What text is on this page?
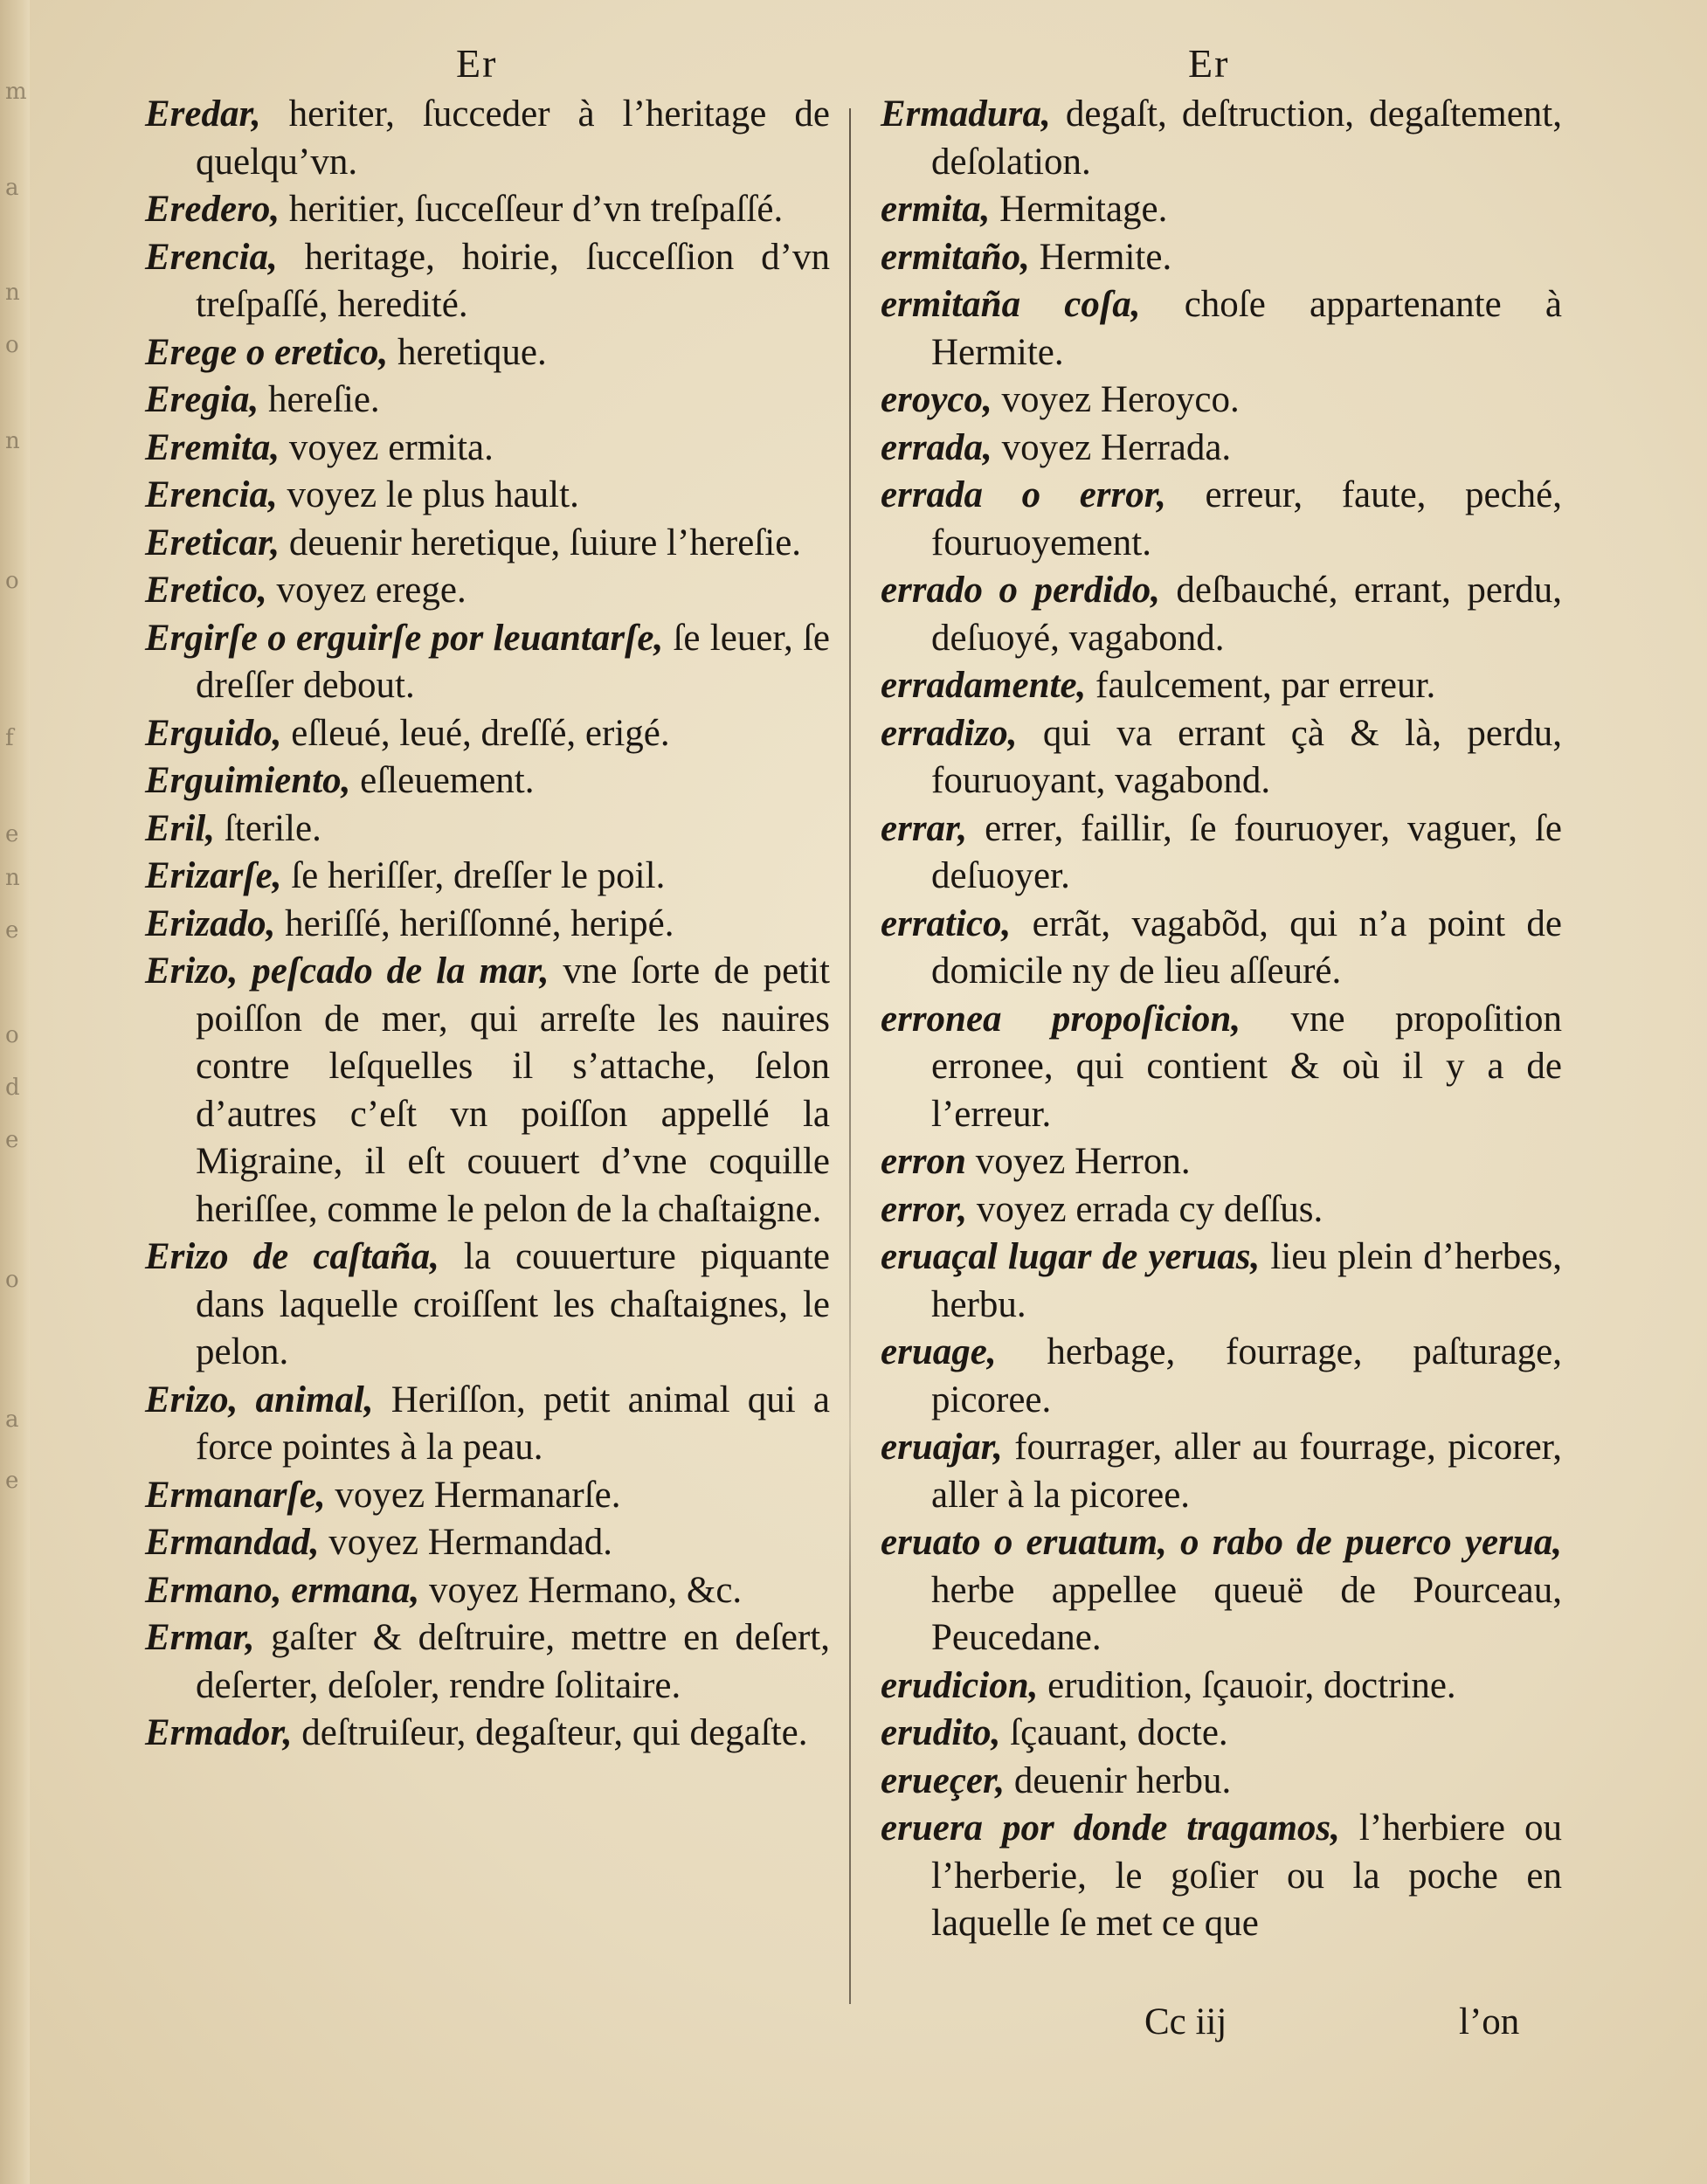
m
a
n
o
n
o
f
e
n
e
o
d
e
o
a
e
Er	Er
Eredar, heriter, ſucceder à l’heritage de quelqu’vn.
Eredero, heritier, ſucceſſeur d’vn treſpaſſé.
Erencia, heritage, hoirie, ſucceſſion d’vn treſpaſſé, heredité.
Erege o eretico, heretique.
Eregia, hereſie.
Eremita, voyez ermita.
Erencia, voyez le plus hault.
Ereticar, deuenir heretique, ſuiure l’hereſie.
Eretico, voyez erege.
Ergirſe o erguirſe por leuantarſe, ſe leuer, ſe dreſſer debout.
Erguido, eſleué, leué, dreſſé, erigé.
Erguimiento, eſleuement.
Eril, ſterile.
Erizarſe, ſe heriſſer, dreſſer le poil.
Erizado, heriſſé, heriſſonné, heripé.
Erizo, peſcado de la mar, vne ſorte de petit poiſſon de mer, qui arreſte les nauires contre leſquelles il s’attache, ſelon d’autres c’eſt vn poiſſon appellé la Migraine, il eſt couuert d’vne coquille heriſſee, comme le pelon de la chaſtaigne.
Erizo de caſtaña, la couuerture piquante dans laquelle croiſſent les chaſtaignes, le pelon.
Erizo, animal, Heriſſon, petit animal qui a force pointes à la peau.
Ermanarſe, voyez Hermanarſe.
Ermandad, voyez Hermandad.
Ermano, ermana, voyez Hermano, &c.
Ermar, gaſter & deſtruire, mettre en deſert, deſerter, deſoler, rendre ſolitaire.
Ermador, deſtruiſeur, degaſteur, qui degaſte.
Ermadura, degaſt, deſtruction, degaſtement, deſolation.
ermita, Hermitage.
ermitaño, Hermite.
ermitaña coſa, choſe appartenante à Hermite.
eroyco, voyez Heroyco.
errada, voyez Herrada.
errada o error, erreur, faute, peché, fouruoyement.
errado o perdido, deſbauché, errant, perdu, deſuoyé, vagabond.
erradamente, faulcement, par erreur.
erradizo, qui va errant çà & là, perdu, fouruoyant, vagabond.
errar, errer, faillir, ſe fouruoyer, vaguer, ſe deſuoyer.
erratico, errãt, vagabõd, qui n’a point de domicile ny de lieu aſſeuré.
erronea propoſicion, vne propoſition erronee, qui contient & où il y a de l’erreur.
erron voyez Herron.
error, voyez errada cy deſſus.
eruaçal lugar de yeruas, lieu plein d’herbes, herbu.
eruage, herbage, fourrage, paſturage, picoree.
eruajar, fourrager, aller au fourrage, picorer, aller à la picoree.
eruato o eruatum, o rabo de puerco yerua, herbe appellee queuë de Pourceau, Peucedane.
erudicion, erudition, ſçauoir, doctrine.
erudito, ſçauant, docte.
erueçer, deuenir herbu.
eruera por donde tragamos, l’herbiere ou l’herberie, le goſier ou la poche en laquelle ſe met ce que
Cc iij	l’on
